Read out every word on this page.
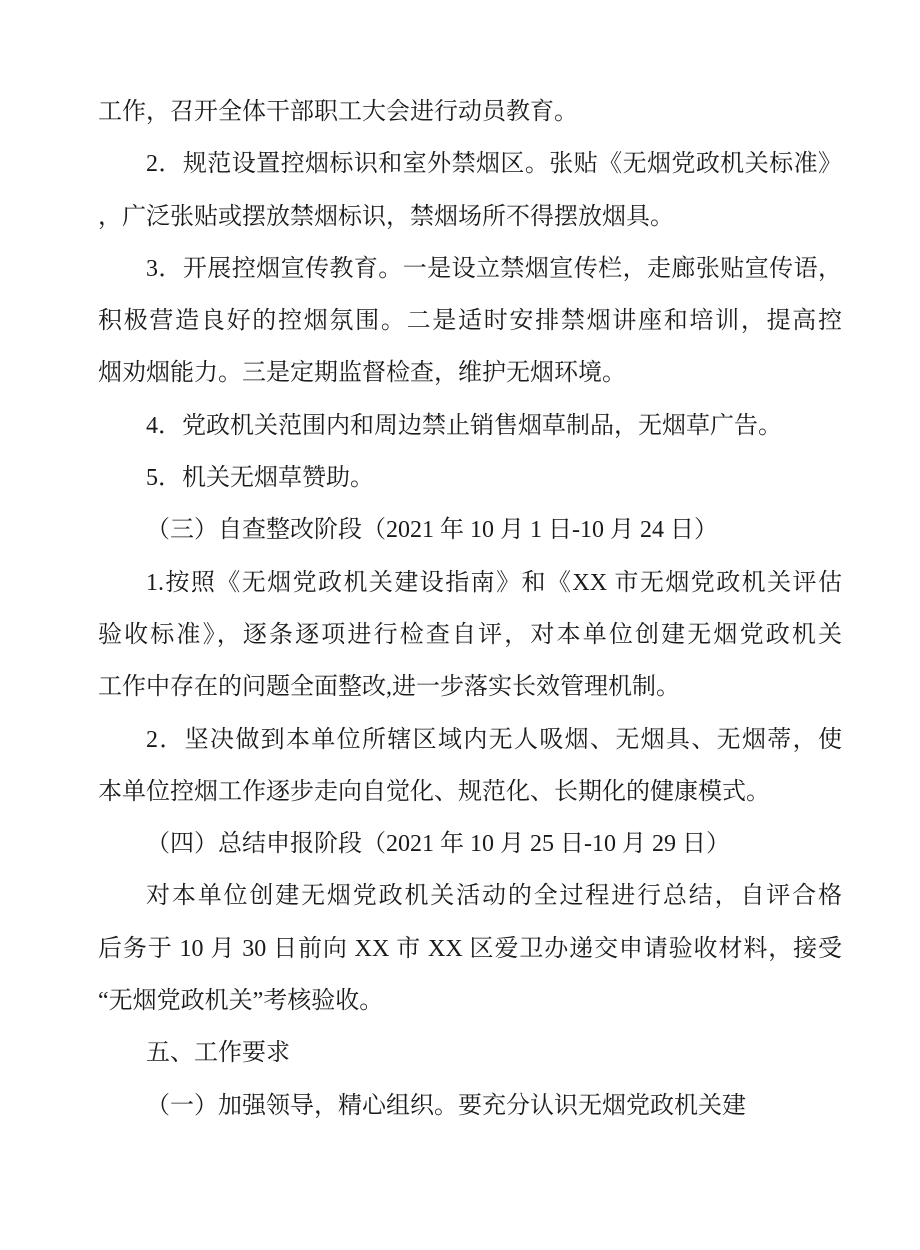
工作，召开全体干部职工大会进行动员教育。
2．规范设置控烟标识和室外禁烟区。张贴《无烟党政机关标准》
，广泛张贴或摆放禁烟标识，禁烟场所不得摆放烟具。
3．开展控烟宣传教育。一是设立禁烟宣传栏，走廊张贴宣传语，
积极营造良好的控烟氛围。二是适时安排禁烟讲座和培训，提高控
烟劝烟能力。三是定期监督检查，维护无烟环境。
4．党政机关范围内和周边禁止销售烟草制品，无烟草广告。
5．机关无烟草赞助。
（三）自查整改阶段（2021 年 10 月 1 日-10 月 24 日）
1.按照《无烟党政机关建设指南》和《XX 市无烟党政机关评估
验收标准》，逐条逐项进行检查自评，对本单位创建无烟党政机关
工作中存在的问题全面整改,进一步落实长效管理机制。
2．坚决做到本单位所辖区域内无人吸烟、无烟具、无烟蒂，使
本单位控烟工作逐步走向自觉化、规范化、长期化的健康模式。
（四）总结申报阶段（2021 年 10 月 25 日-10 月 29 日）
对本单位创建无烟党政机关活动的全过程进行总结，自评合格
后务于 10 月 30 日前向 XX 市 XX 区爱卫办递交申请验收材料，接受
“无烟党政机关”考核验收。
五、工作要求
（一）加强领导，精心组织。要充分认识无烟党政机关建
